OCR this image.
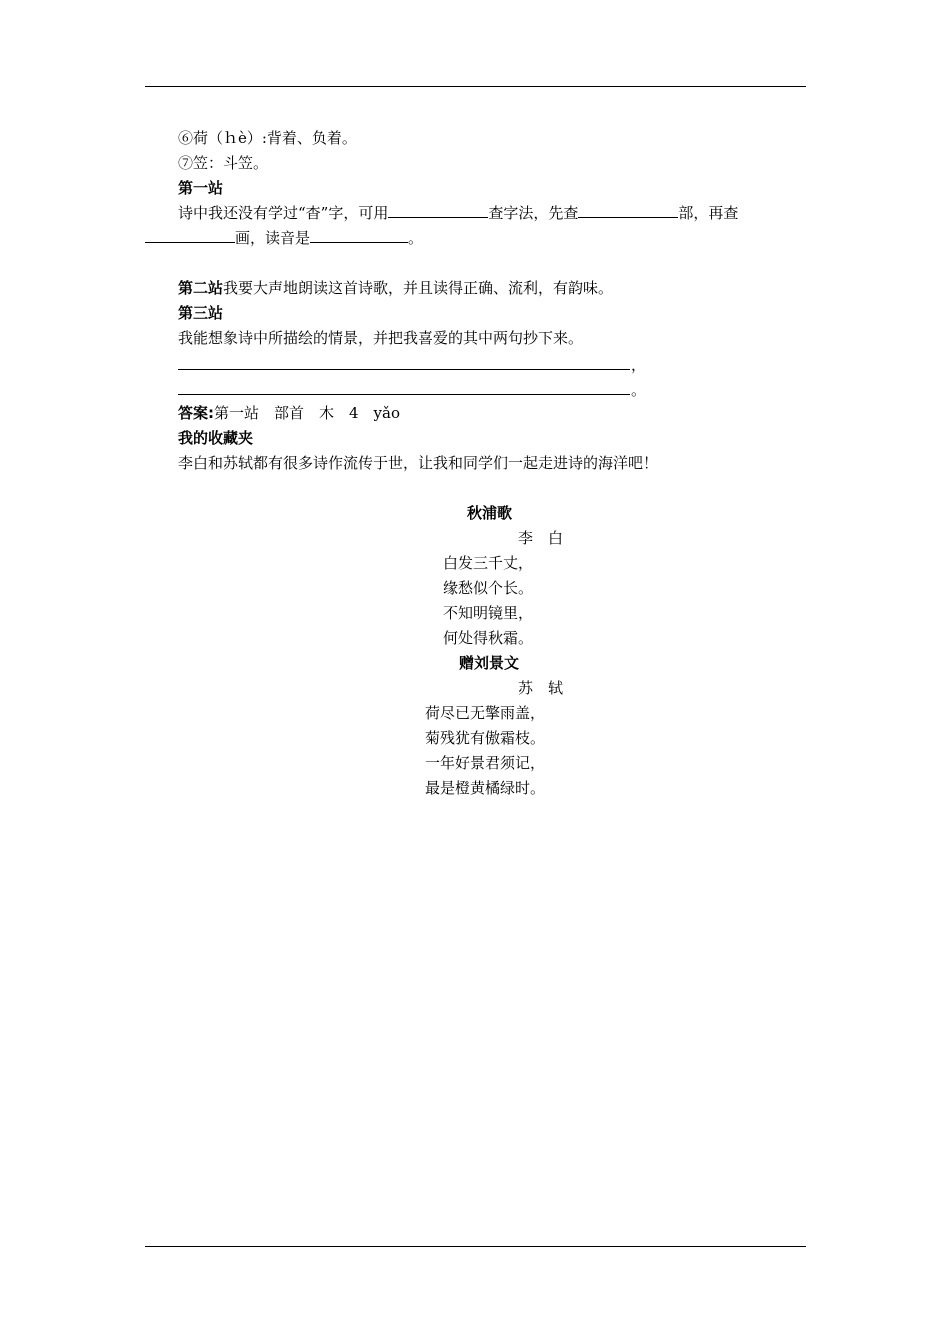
⑥荷（ｈè）:背着、负着。
⑦笠：斗笠。
第一站
诗中我还没有学过“杳”字，可用	查字法，先查	部，再查
画，读音是	。
第二站我要大声地朗读这首诗歌，并且读得正确、流利，有韵味。
第三站
我能想象诗中所描绘的情景，并把我喜爱的其中两句抄下来。
，
。
答案:第一站　部首　木　4　yǎo
我的收藏夹
李白和苏轼都有很多诗作流传于世，让我和同学们一起走进诗的海洋吧！
秋浦歌
李　白
白发三千丈，
缘愁似个长。
不知明镜里，
何处得秋霜。
赠刘景文
苏　轼
荷尽已无擎雨盖，
菊残犹有傲霜枝。
一年好景君须记，
最是橙黄橘绿时。
